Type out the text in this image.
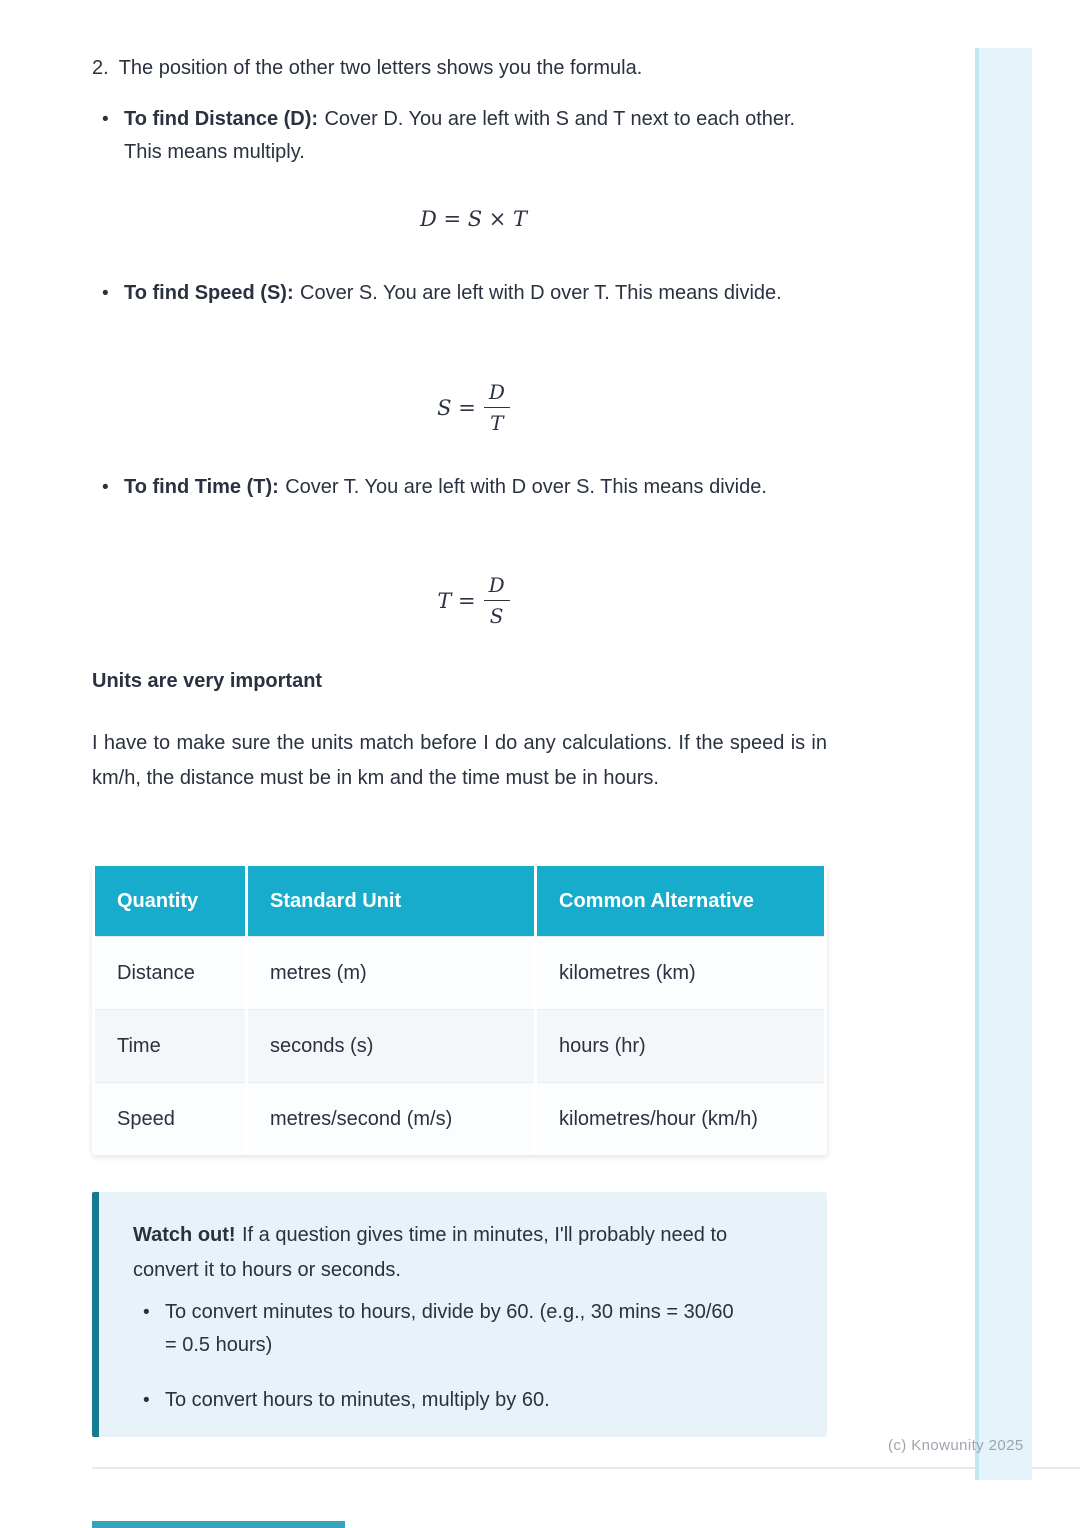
2. The position of the other two letters shows you the formula.
• To find Distance (D): Cover D. You are left with S and T next to each other. This means multiply.
D = S × T
• To find Speed (S): Cover S. You are left with D over T. This means divide.
$S = \frac{D}{T}$
• To find Time (T): Cover T. You are left with D over S. This means divide.
$T = \frac{D}{S}$
Units are very important
I have to make sure the units match before I do any calculations. If the speed is in km/h, the distance must be in km and the time must be in hours.
Quantity	Standard Unit	Common Alternative
Distance	metres (m)	kilometres (km)
Time	seconds (s)	hours (hr)
Speed	metres/second (m/s)	kilometres/hour (km/h)

Watch out! If a question gives time in minutes, I'll probably need to convert it to hours or seconds.

• To convert minutes to hours, divide by 60. (e.g., 30 mins = 30/60 = 0.5 hours)
• To convert hours to minutes, multiply by 60.
(c) Knowunity 2025
